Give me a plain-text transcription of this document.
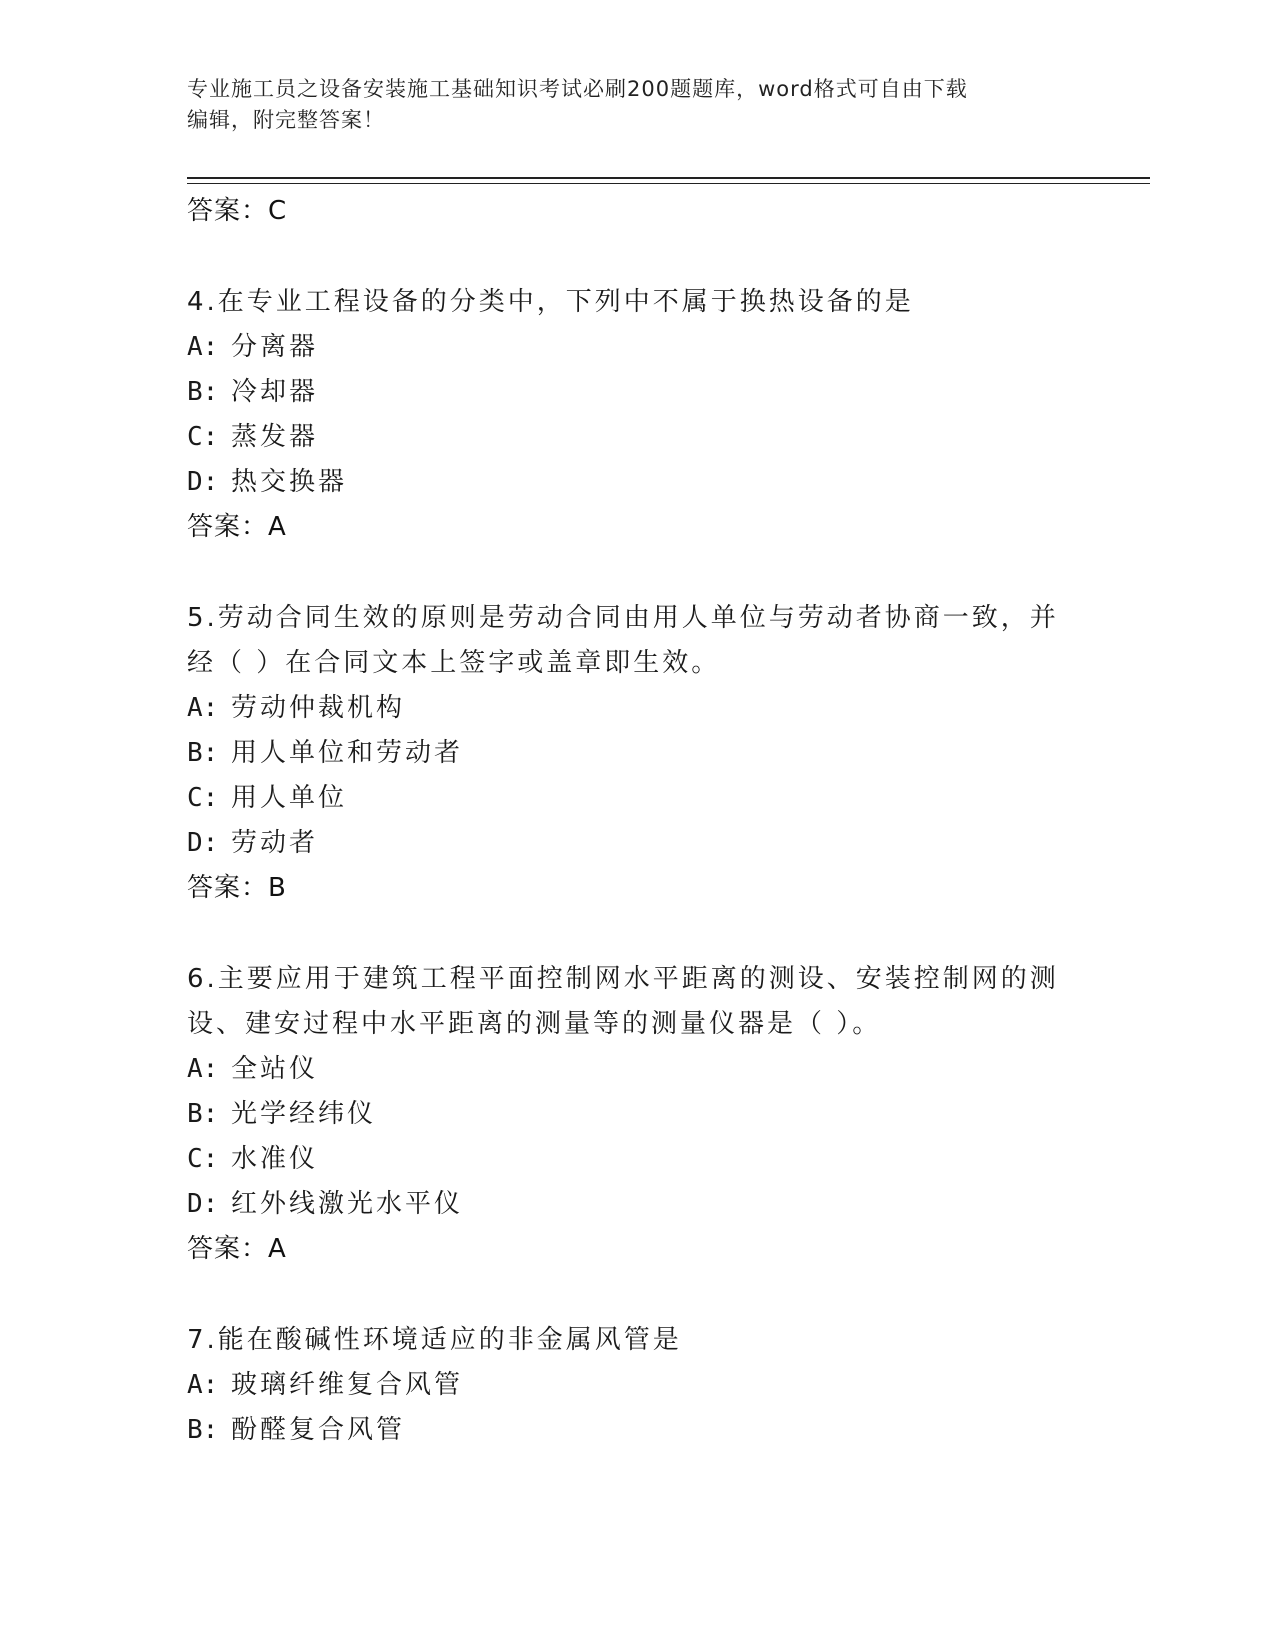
专业施工员之设备安装施工基础知识考试必刷200题题库，word格式可自由下载
编辑，附完整答案！

答案：C

4.在专业工程设备的分类中，下列中不属于换热设备的是

A: 分离器

B: 冷却器

C: 蒸发器

D: 热交换器

答案：A

5.劳动合同生效的原则是劳动合同由用人单位与劳动者协商一致，并经（ ）在合同文本上签字或盖章即生效。

A: 劳动仲裁机构

B: 用人单位和劳动者

C: 用人单位

D: 劳动者

答案：B

6.主要应用于建筑工程平面控制网水平距离的测设、安装控制网的测设、建安过程中水平距离的测量等的测量仪器是（ ）。

A: 全站仪

B: 光学经纬仪

C: 水准仪

D: 红外线激光水平仪

答案：A

7.能在酸碱性环境适应的非金属风管是

A: 玻璃纤维复合风管

B: 酚醛复合风管
